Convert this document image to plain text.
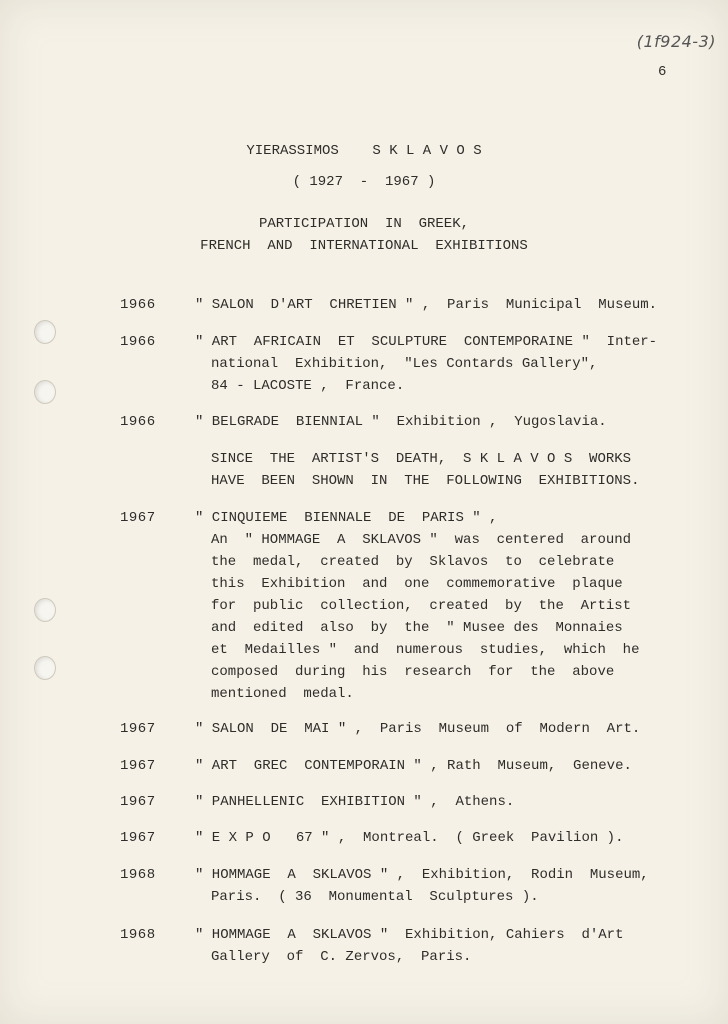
(1f924-3)
6
YIERASSIMOS    S K L A V O S
( 1927  -  1967 )
PARTICIPATION  IN  GREEK,
FRENCH  AND  INTERNATIONAL  EXHIBITIONS
1966	" SALON  D'ART  CHRETIEN " ,  Paris  Municipal  Museum.
1966	" ART  AFRICAIN  ET  SCULPTURE  CONTEMPORAINE "  Inter-
national  Exhibition,  "Les Contards Gallery",
84 - LACOSTE ,  France.
1966	" BELGRADE  BIENNIAL "  Exhibition ,  Yugoslavia.
SINCE  THE  ARTIST'S  DEATH,  S K L A V O S  WORKS
HAVE  BEEN  SHOWN  IN  THE  FOLLOWING  EXHIBITIONS.
1967	" CINQUIEME  BIENNALE  DE  PARIS " ,
An  " HOMMAGE  A  SKLAVOS "  was  centered  around
the  medal,  created  by  Sklavos  to  celebrate
this  Exhibition  and  one  commemorative  plaque
for  public  collection,  created  by  the  Artist
and  edited  also  by  the  " Musee des  Monnaies
et  Medailles "  and  numerous  studies,  which  he
composed  during  his  research  for  the  above
mentioned  medal.
1967	" SALON  DE  MAI " ,  Paris  Museum  of  Modern  Art.
1967	" ART  GREC  CONTEMPORAIN " , Rath  Museum,  Geneve.
1967	" PANHELLENIC  EXHIBITION " ,  Athens.
1967	" E X P O   67 " ,  Montreal.  ( Greek  Pavilion ).
1968	" HOMMAGE  A  SKLAVOS " ,  Exhibition,  Rodin  Museum,
Paris.  ( 36  Monumental  Sculptures ).
1968	" HOMMAGE  A  SKLAVOS "  Exhibition, Cahiers  d'Art
Gallery  of  C. Zervos,  Paris.
